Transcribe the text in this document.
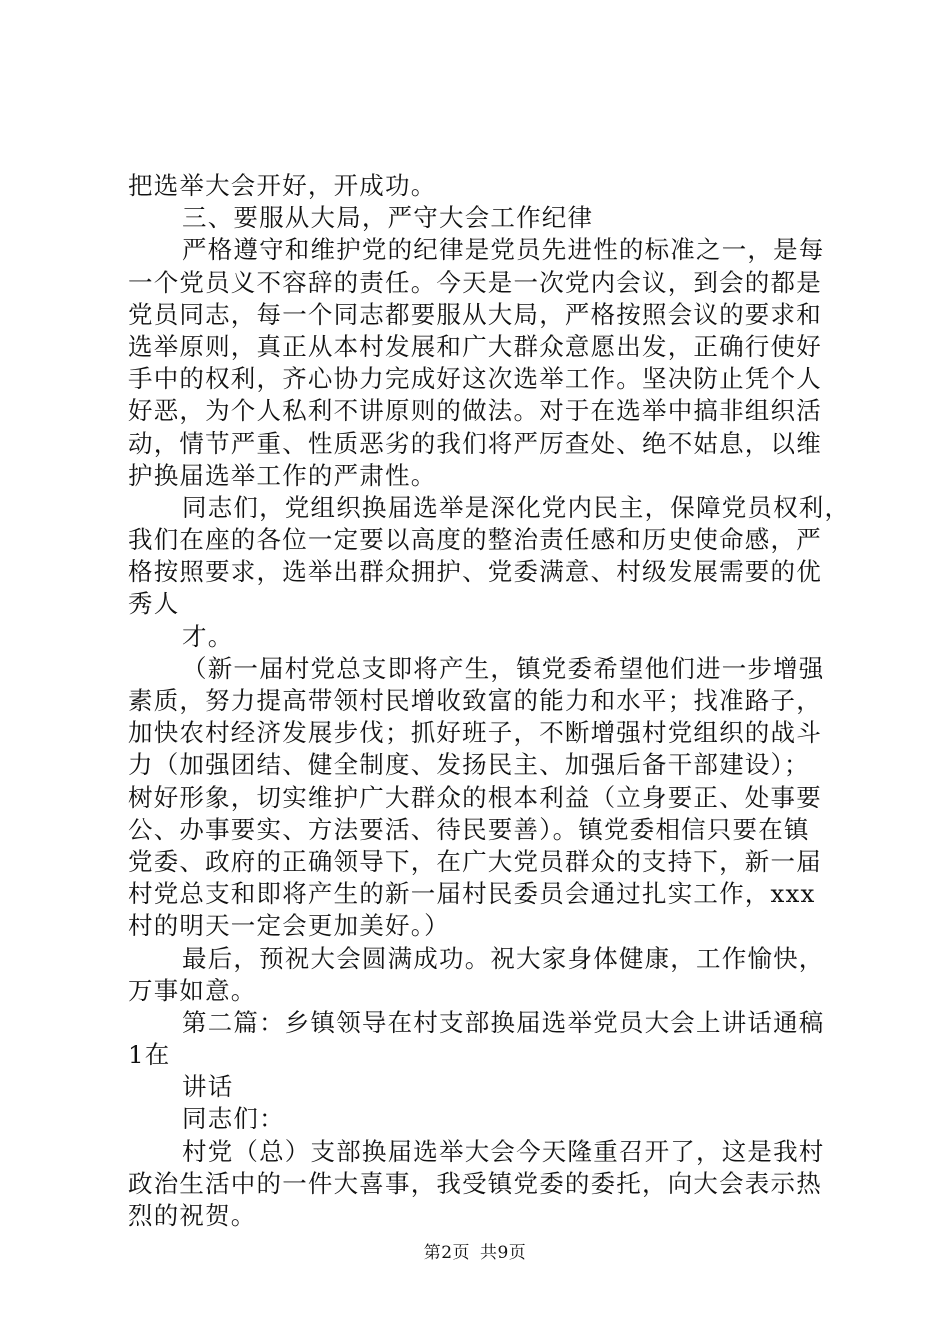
把选举大会开好，开成功。
三、要服从大局，严守大会工作纪律
严格遵守和维护党的纪律是党员先进性的标准之一，是每
一个党员义不容辞的责任。今天是一次党内会议，到会的都是
党员同志，每一个同志都要服从大局，严格按照会议的要求和
选举原则，真正从本村发展和广大群众意愿出发，正确行使好
手中的权利，齐心协力完成好这次选举工作。坚决防止凭个人
好恶，为个人私利不讲原则的做法。对于在选举中搞非组织活
动，情节严重、性质恶劣的我们将严厉查处、绝不姑息，以维
护换届选举工作的严肃性。
同志们，党组织换届选举是深化党内民主，保障党员权利，
我们在座的各位一定要以高度的整治责任感和历史使命感，严
格按照要求，选举出群众拥护、党委满意、村级发展需要的优
秀人
才。
（新一届村党总支即将产生，镇党委希望他们进一步增强
素质，努力提高带领村民增收致富的能力和水平；找准路子，
加快农村经济发展步伐；抓好班子，不断增强村党组织的战斗
力（加强团结、健全制度、发扬民主、加强后备干部建设）；
树好形象，切实维护广大群众的根本利益（立身要正、处事要
公、办事要实、方法要活、待民要善）。镇党委相信只要在镇
党委、政府的正确领导下，在广大党员群众的支持下，新一届
村党总支和即将产生的新一届村民委员会通过扎实工作，xxx
村的明天一定会更加美好。）
最后，预祝大会圆满成功。祝大家身体健康，工作愉快，
万事如意。
第二篇：乡镇领导在村支部换届选举党员大会上讲话通稿
1在
讲话
同志们：
村党（总）支部换届选举大会今天隆重召开了，这是我村
政治生活中的一件大喜事，我受镇党委的委托，向大会表示热
烈的祝贺。
第2页 共9页
